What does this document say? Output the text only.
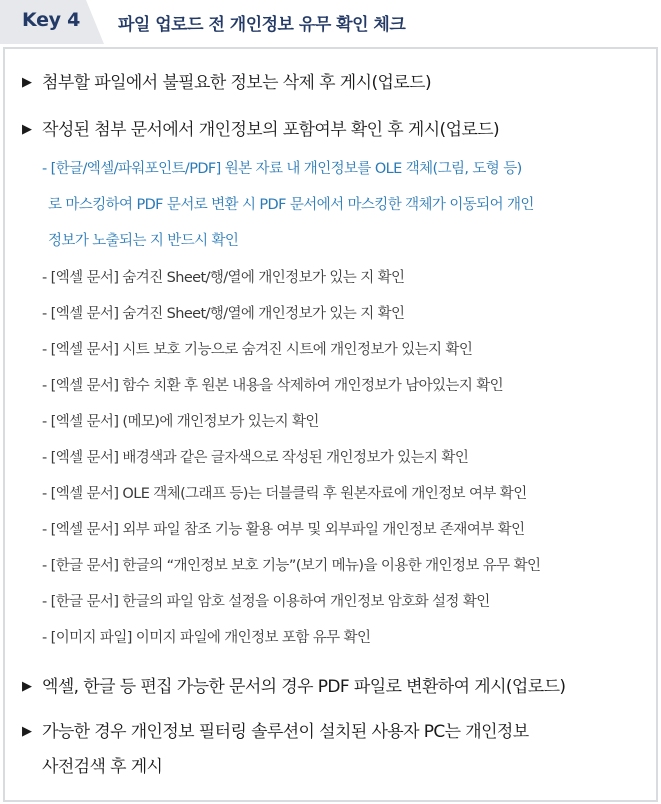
Key 4 파일 업로드 전 개인정보 유무 확인 체크
▶ 첨부할 파일에서 불필요한 정보는 삭제 후 게시(업로드)
▶ 작성된 첨부 문서에서 개인정보의 포함여부 확인 후 게시(업로드)
- [한글/엑셀/파워포인트/PDF] 원본 자료 내 개인정보를 OLE 객체(그림, 도형 등)
로 마스킹하여 PDF 문서로 변환 시 PDF 문서에서 마스킹한 객체가 이동되어 개인
정보가 노출되는 지 반드시 확인
- [엑셀 문서] 숨겨진 Sheet/행/열에 개인정보가 있는 지 확인
- [엑셀 문서] 숨겨진 Sheet/행/열에 개인정보가 있는 지 확인
- [엑셀 문서] 시트 보호 기능으로 숨겨진 시트에 개인정보가 있는지 확인
- [엑셀 문서] 함수 치환 후 원본 내용을 삭제하여 개인정보가 남아있는지 확인
- [엑셀 문서] (메모)에 개인정보가 있는지 확인
- [엑셀 문서] 배경색과 같은 글자색으로 작성된 개인정보가 있는지 확인
- [엑셀 문서] OLE 객체(그래프 등)는 더블클릭 후 원본자료에 개인정보 여부 확인
- [엑셀 문서] 외부 파일 참조 기능 활용 여부 및 외부파일 개인정보 존재여부 확인
- [한글 문서] 한글의 “개인정보 보호 기능”(보기 메뉴)을 이용한 개인정보 유무 확인
- [한글 문서] 한글의 파일 암호 설정을 이용하여 개인정보 암호화 설정 확인
- [이미지 파일] 이미지 파일에 개인정보 포함 유무 확인
▶ 엑셀, 한글 등 편집 가능한 문서의 경우 PDF 파일로 변환하여 게시(업로드)
▶ 가능한 경우 개인정보 필터링 솔루션이 설치된 사용자 PC는 개인정보
사전검색 후 게시
